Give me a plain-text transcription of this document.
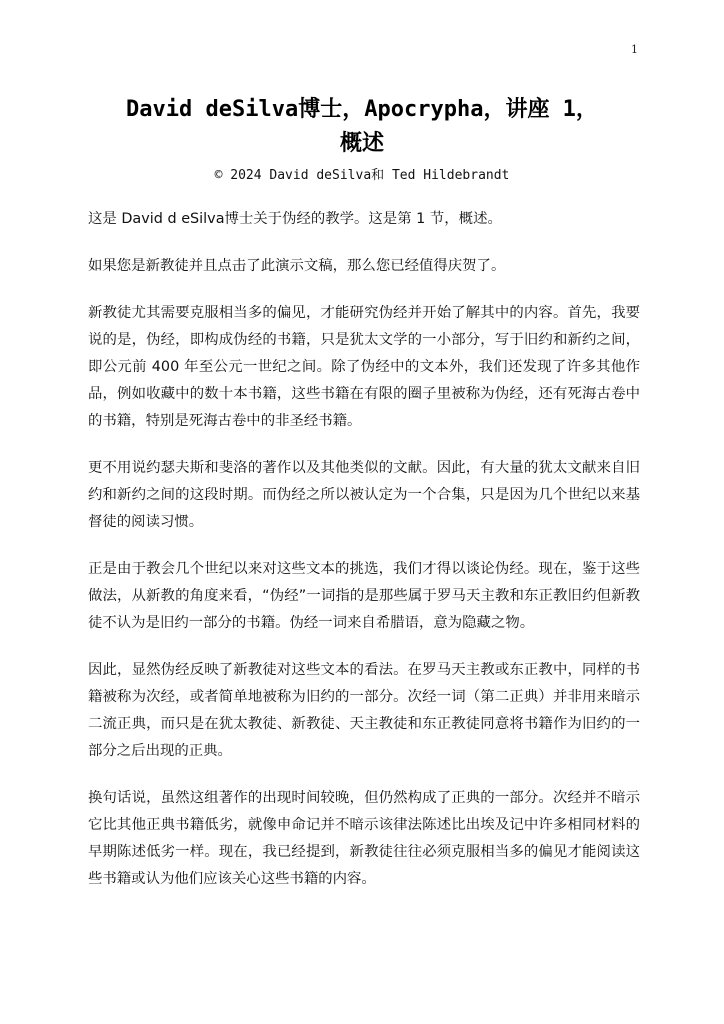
1
David deSilva博士，Apocrypha，讲座 1，
概述
© 2024 David deSilva和 Ted Hildebrandt

这是 David d eSilva博士关于伪经的教学。这是第 1 节，概述。

如果您是新教徒并且点击了此演示文稿，那么您已经值得庆贺了。

新教徒尤其需要克服相当多的偏见，才能研究伪经并开始了解其中的内容。首先，我要说的是，伪经，即构成伪经的书籍，只是犹太文学的一小部分，写于旧约和新约之间，即公元前 400 年至公元一世纪之间。除了伪经中的文本外，我们还发现了许多其他作品，例如收藏中的数十本书籍，这些书籍在有限的圈子里被称为伪经，还有死海古卷中的书籍，特别是死海古卷中的非圣经书籍。

更不用说约瑟夫斯和斐洛的著作以及其他类似的文献。因此，有大量的犹太文献来自旧约和新约之间的这段时期。而伪经之所以被认定为一个合集，只是因为几个世纪以来基督徒的阅读习惯。

正是由于教会几个世纪以来对这些文本的挑选，我们才得以谈论伪经。现在，鉴于这些做法，从新教的角度来看，“伪经”一词指的是那些属于罗马天主教和东正教旧约但新教徒不认为是旧约一部分的书籍。伪经一词来自希腊语，意为隐藏之物。

因此，显然伪经反映了新教徒对这些文本的看法。在罗马天主教或东正教中，同样的书籍被称为次经，或者简单地被称为旧约的一部分。次经一词（第二正典）并非用来暗示二流正典，而只是在犹太教徒、新教徒、天主教徒和东正教徒同意将书籍作为旧约的一部分之后出现的正典。

换句话说，虽然这组著作的出现时间较晚，但仍然构成了正典的一部分。次经并不暗示它比其他正典书籍低劣，就像申命记并不暗示该律法陈述比出埃及记中许多相同材料的早期陈述低劣一样。现在，我已经提到，新教徒往往必须克服相当多的偏见才能阅读这些书籍或认为他们应该关心这些书籍的内容。
